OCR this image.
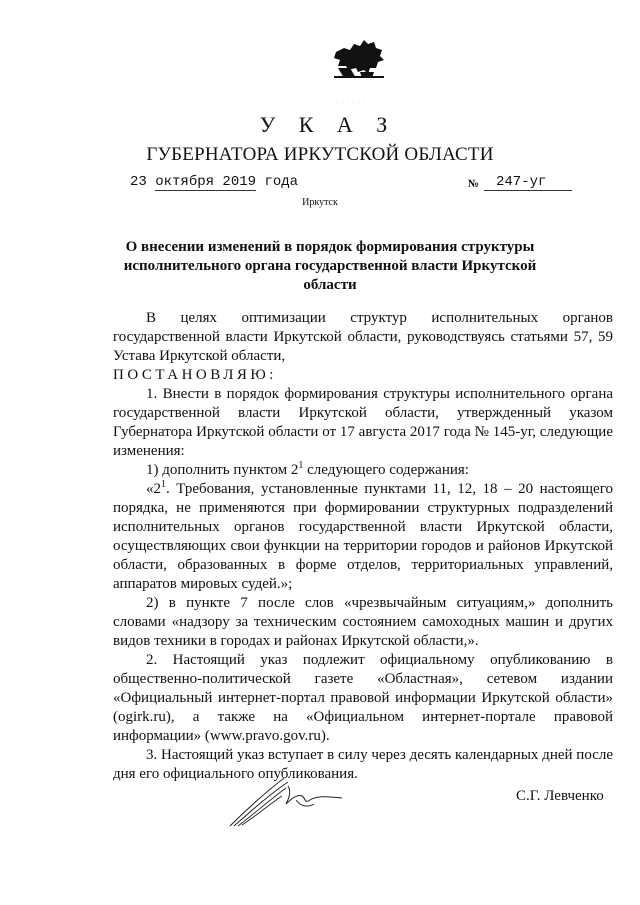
· · · · · · ·
У К А З
ГУБЕРНАТОРА ИРКУТСКОЙ ОБЛАСТИ
23 октября 2019 года	№	247-уг
Иркутск
О внесении изменений в порядок формирования структуры
исполнительного органа государственной власти Иркутской области

В целях оптимизации структур исполнительных органов государственной власти Иркутской области, руководствуясь статьями 57, 59 Устава Иркутской области,

ПОСТАНОВЛЯЮ:

1. Внести в порядок формирования структуры исполнительного органа государственной власти Иркутской области, утвержденный указом Губернатора Иркутской области от 17 августа 2017 года № 145-уг, следующие изменения:

1) дополнить пунктом $2^1$ следующего содержания:

«$2^1$. Требования, установленные пунктами 11, 12, 18 – 20 настоящего порядка, не применяются при формировании структурных подразделений исполнительных органов государственной власти Иркутской области, осуществляющих свои функции на территории городов и районов Иркутской области, образованных в форме отделов, территориальных управлений, аппаратов мировых судей.»;

2) в пункте 7 после слов «чрезвычайным ситуациям,» дополнить словами «надзору за техническим состоянием самоходных машин и других видов техники в городах и районах Иркутской области,».

2. Настоящий указ подлежит официальному опубликованию в общественно-политической газете «Областная», сетевом издании «Официальный интернет-портал правовой информации Иркутской области» (ogirk.ru), а также на «Официальном интернет-портале правовой информации» (www.pravo.gov.ru).

3. Настоящий указ вступает в силу через десять календарных дней после дня его официального опубликования.

С.Г. Левченко
